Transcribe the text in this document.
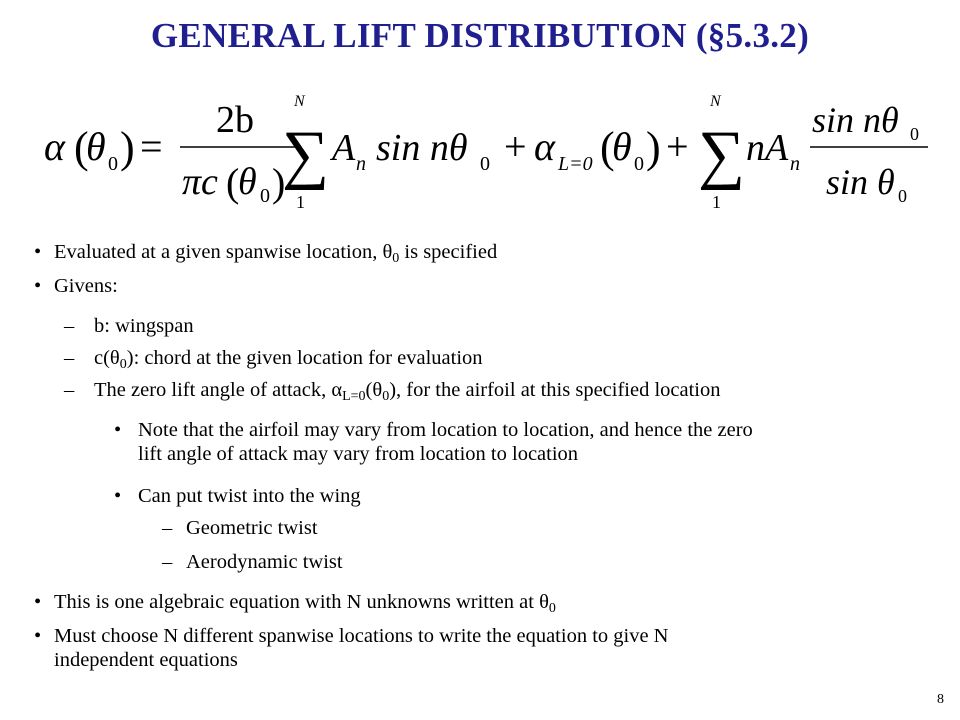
GENERAL LIFT DISTRIBUTION (§5.3.2)
α (
θ 0 ) =
2b
πc (
θ 0 )
N
∑
1
A n sin nθ 0 + α L=0 (
θ 0 ) +
N
∑
1
nA n
sin nθ 0
sin θ 0
• Evaluated at a given spanwise location, $\theta_0$ is specified
• Givens:
– b: wingspan
– $c(\theta_0)$: chord at the given location for evaluation
– The zero lift angle of attack, $\alpha_{L=0}(\theta_0)$, for the airfoil at this specified location
• Note that the airfoil may vary from location to location, and hence the zero
lift angle of attack may vary from location to location
• Can put twist into the wing
– Geometric twist
– Aerodynamic twist
• This is one algebraic equation with N unknowns written at $\theta_0$
• Must choose N different spanwise locations to write the equation to give N
independent equations
8
